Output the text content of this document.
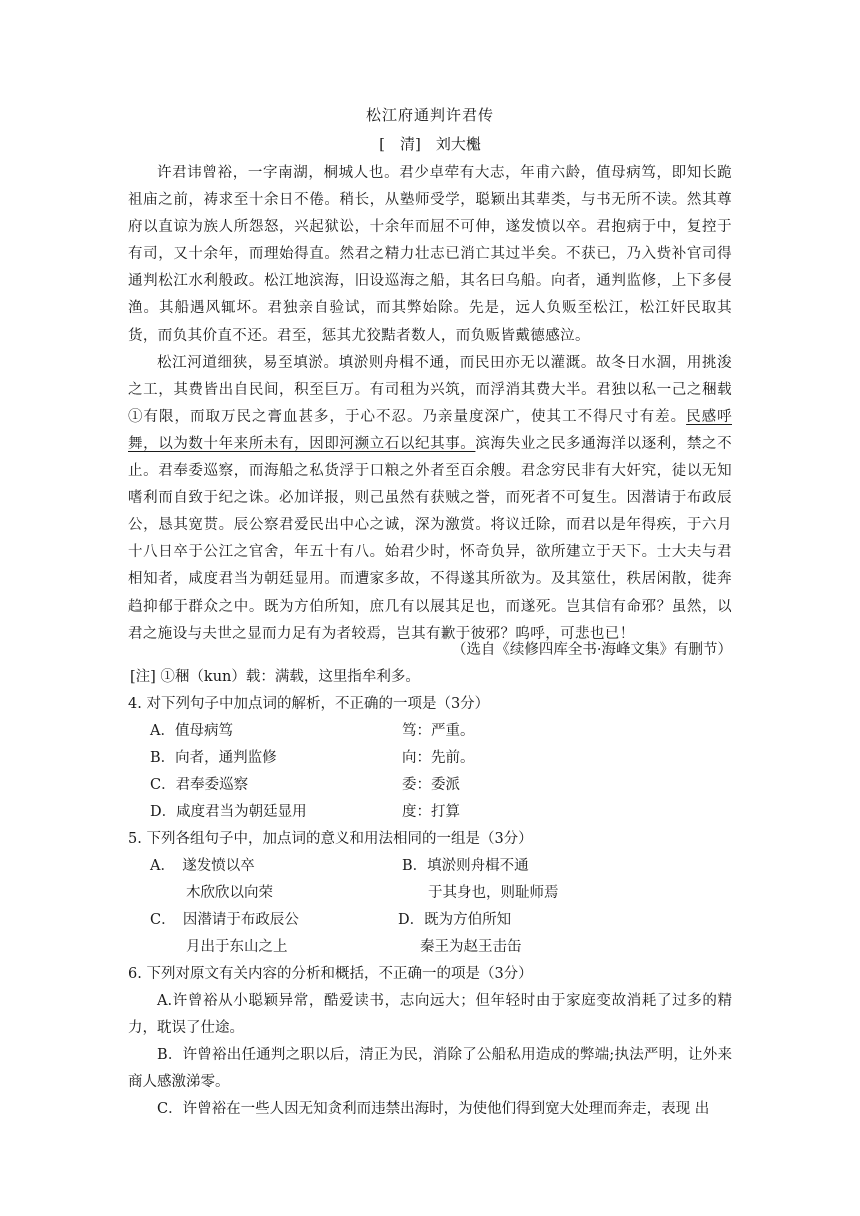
松江府通判许君传
[　清]　刘大櫆

许君讳曾裕，一字南湖，桐城人也。君少卓荦有大志，年甫六龄，值母病笃，即知长跪祖庙之前，祷求至十余日不倦。稍长，从塾师受学，聪颖出其辈类，与书无所不读。然其尊府以直谅为族人所怨怒，兴起狱讼，十余年而屈不可伸，遂发愤以卒。君抱病于中，复控于有司，又十余年，而理始得直。然君之精力壮志已消亡其过半矣。不获已，乃入赀补官司得通判松江水利般政。松江地滨海，旧设巡海之船，其名曰乌船。向者，通判监修，上下多侵渔。其船遇风辄坏。君独亲自验试，而其弊始除。先是，远人负贩至松江，松江奸民取其货，而负其价直不还。君至，惩其尤狡黠者数人，而负贩皆戴德感泣。

松江河道细狭，易至填淤。填淤则舟楫不通，而民田亦无以灌溉。故冬日水涸，用挑浚之工，其费皆出自民间，积至巨万。有司租为兴筑，而浮消其费大半。君独以私一己之稇载①有限，而取万民之膏血甚多，于心不忍。乃亲量度深广，使其工不得尺寸有差。民感呼舞，以为数十年来所未有，因即河濒立石以纪其事。滨海失业之民多通海洋以逐利，禁之不止。君奉委巡察，而海船之私货浮于口粮之外者至百余艘。君念穷民非有大奸究，徒以无知嗜利而自致于纪之诛。必加详报，则己虽然有获贼之誉，而死者不可复生。因潜请于布政辰公，恳其宽贳。辰公察君爱民出中心之诚，深为激赏。将议迁除，而君以是年得疾，于六月十八日卒于公江之官舍，年五十有八。始君少时，怀奇负异，欲所建立于天下。士大夫与君相知者，咸度君当为朝廷显用。而遭家多故，不得遂其所欲为。及其筮仕，秩居闲散，徙奔趋抑郁于群众之中。既为方伯所知，庶几有以展其足也，而遂死。岂其信有命邪？虽然，以君之施设与夫世之显而力足有为者较焉，岂其有歉于彼邪？呜呼，可悲也已！

（选自《续修四库全书·海峰文集》有删节）
[注] ①稇（kun）载：满载，这里指牟利多。
4. 对下列句子中加点词的解析，不正确的一项是（3分）
A．值母病笃	笃：严重。
B．向者，通判监修	向：先前。
C．君奉委巡察	委：委派
D．咸度君当为朝廷显用	度：打算
5. 下列各组句子中，加点词的意义和用法相同的一组是（3分）
A．　遂发愤以卒	B．填淤则舟楫不通
木欣欣以向荣	于其身也，则耻师焉
C．　因潜请于布政辰公	D．既为方伯所知
月出于东山之上	秦王为赵王击缶
6. 下列对原文有关内容的分析和概括，不正确一的项是（3分）
A.许曾裕从小聪颖异常，酷爱读书，志向远大；但年轻时由于家庭变故消耗了过多的精力，耽误了仕途。
B．许曾裕出任通判之职以后，清正为民，消除了公船私用造成的弊端;执法严明，让外来商人感激涕零。
C．许曾裕在一些人因无知贪利而违禁出海时，为使他们得到宽大处理而奔走，表现 出
